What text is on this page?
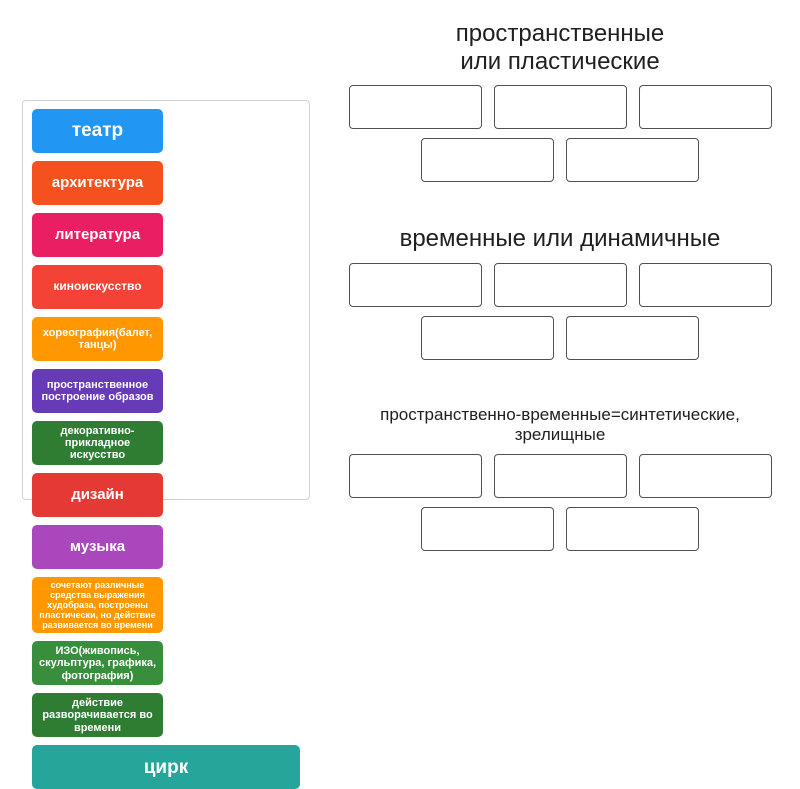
театр
архитектура
литература
киноискусство
хореография(балет, танцы)
пространственное построение образов
декоративно-прикладное искусство
дизайн
музыка
сочетают различные средства выражения худобраза, построены пластически, но действие развивается во времени
ИЗО(живопись, скульптура, графика, фотография)
действие разворачивается во времени
цирк
пространственные
или пластические
временные или динамичные
пространственно-временные=синтетические,
зрелищные
